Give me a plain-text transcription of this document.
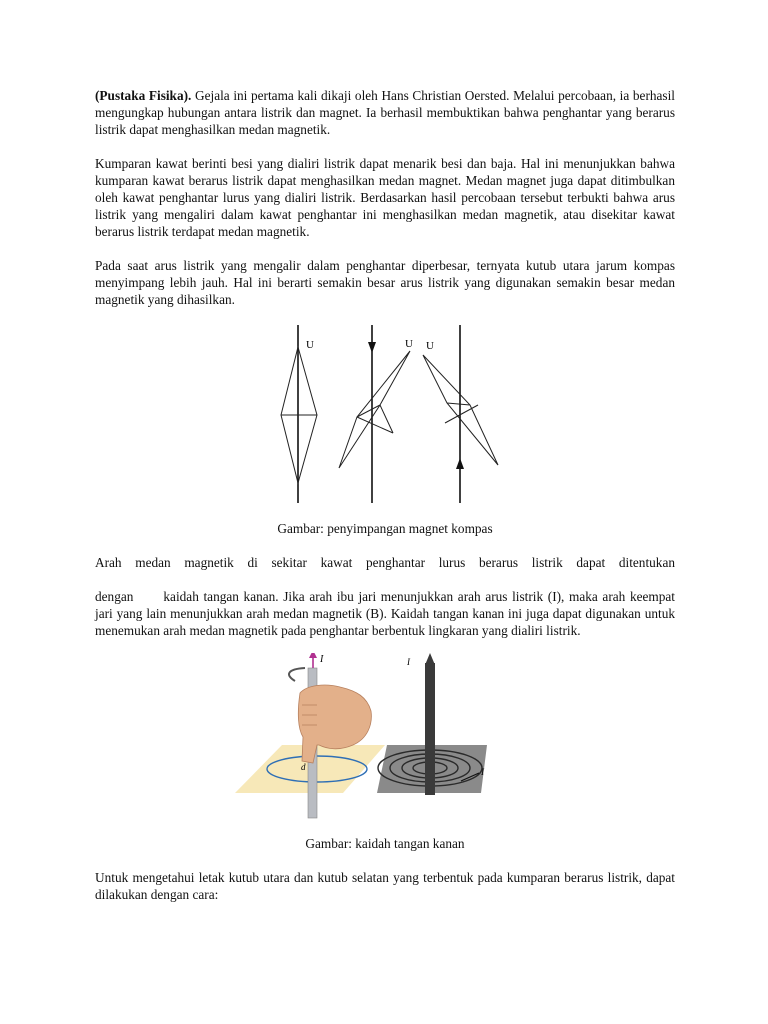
(Pustaka Fisika). Gejala ini pertama kali dikaji oleh Hans Christian Oersted. Melalui percobaan, ia berhasil mengungkap hubungan antara listrik dan magnet. Ia berhasil membuktikan bahwa penghantar yang berarus listrik dapat menghasilkan medan magnetik.

Kumparan kawat berinti besi yang dialiri listrik dapat menarik besi dan baja. Hal ini menunjukkan bahwa kumparan kawat berarus listrik dapat menghasilkan medan magnet. Medan magnet juga dapat ditimbulkan oleh kawat penghantar lurus yang dialiri listrik. Berdasarkan hasil percobaan tersebut terbukti bahwa arus listrik yang mengaliri dalam kawat penghantar ini menghasilkan medan magnetik, atau disekitar kawat berarus listrik terdapat medan magnetik.

Pada saat arus listrik yang mengalir dalam penghantar diperbesar, ternyata kutub utara jarum kompas menyimpang lebih jauh. Hal ini berarti semakin besar arus listrik yang digunakan semakin besar medan magnetik yang dihasilkan.

U	U U
Gambar: penyimpangan magnet kompas

Arah medan magnetik di sekitar kawat penghantar lurus berarus listrik dapat ditentukan

dengan kaidah tangan kanan. Jika arah ibu jari menunjukkan arah arus listrik (I), maka arah keempat jari yang lain menunjukkan arah medan magnetik (B). Kaidah tangan kanan ini juga dapat digunakan untuk menemukan arah medan magnetik pada penghantar berbentuk lingkaran yang dialiri listrik.

I
d
I
I
Gambar: kaidah tangan kanan

Untuk mengetahui letak kutub utara dan kutub selatan yang terbentuk pada kumparan berarus listrik, dapat dilakukan dengan cara:
